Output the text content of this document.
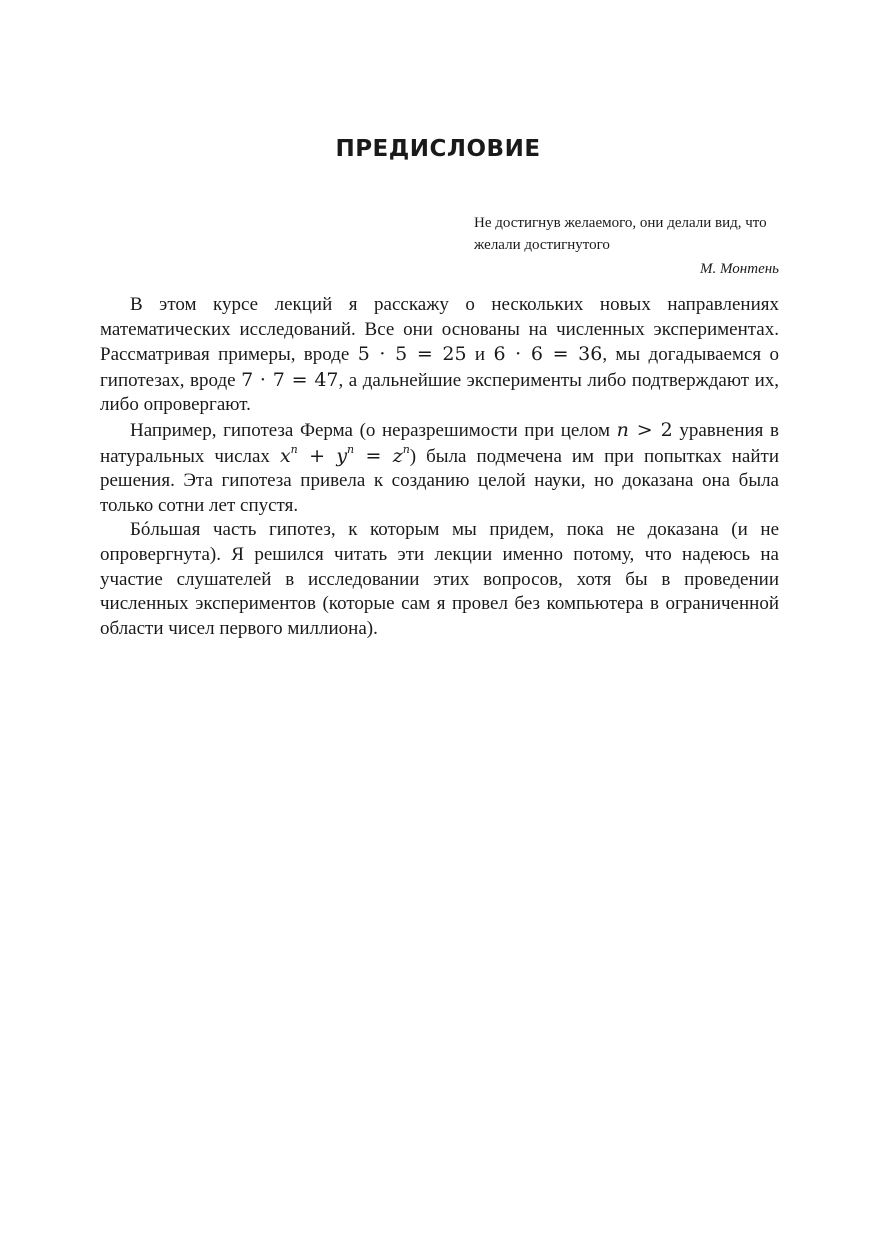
ПРЕДИСЛОВИЕ
Не достигнув желаемого, они делали вид, что желали достигнутого
М. Монтень

В этом курсе лекций я расскажу о нескольких новых направлениях математических исследований. Все они основаны на численных экспериментах. Рассматривая примеры, вроде 5 · 5 = 25 и 6 · 6 = 36, мы догадываемся о гипотезах, вроде 7 · 7 = 47, а дальнейшие эксперименты либо подтверждают их, либо опровергают.

Например, гипотеза Ферма (о неразрешимости при целом n > 2 уравнения в натуральных числах $x^n + y^n = z^n$) была подмечена им при попытках найти решения. Эта гипотеза привела к созданию целой науки, но доказана она была только сотни лет спустя.

Бóльшая часть гипотез, к которым мы придем, пока не доказана (и не опровергнута). Я решился читать эти лекции именно потому, что надеюсь на участие слушателей в исследовании этих вопросов, хотя бы в проведении численных экспериментов (которые сам я провел без компьютера в ограниченной области чисел первого миллиона).
